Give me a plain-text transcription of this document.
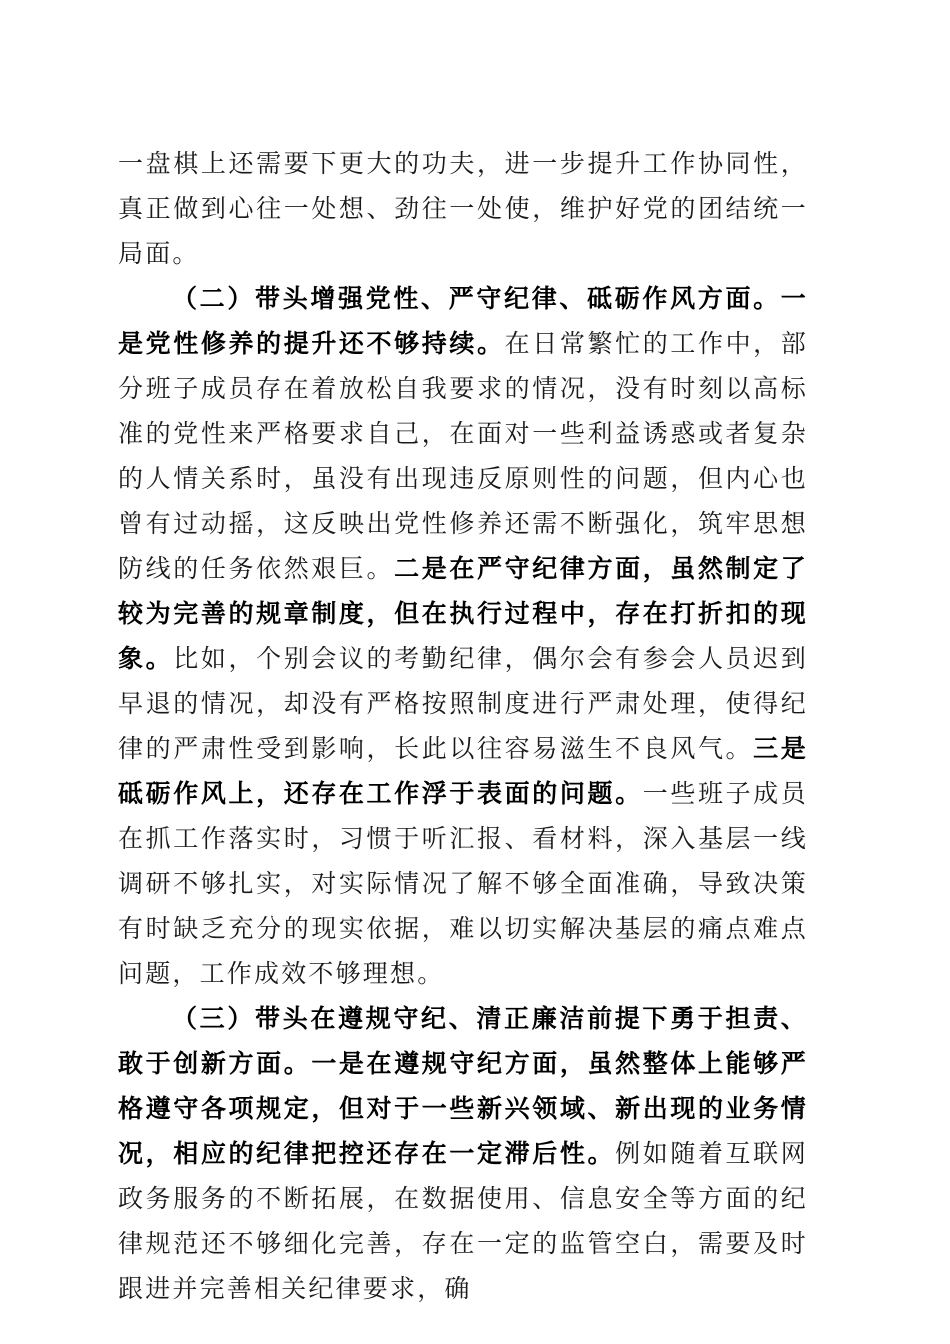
一盘棋上还需要下更大的功夫，进一步提升工作协同性，真正做到心往一处想、劲往一处使，维护好党的团结统一局面。

（二）带头增强党性、严守纪律、砥砺作风方面。一是党性修养的提升还不够持续。在日常繁忙的工作中，部分班子成员存在着放松自我要求的情况，没有时刻以高标准的党性来严格要求自己，在面对一些利益诱惑或者复杂的人情关系时，虽没有出现违反原则性的问题，但内心也曾有过动摇，这反映出党性修养还需不断强化，筑牢思想防线的任务依然艰巨。二是在严守纪律方面，虽然制定了较为完善的规章制度，但在执行过程中，存在打折扣的现象。比如，个别会议的考勤纪律，偶尔会有参会人员迟到早退的情况，却没有严格按照制度进行严肃处理，使得纪律的严肃性受到影响，长此以往容易滋生不良风气。三是砥砺作风上，还存在工作浮于表面的问题。一些班子成员在抓工作落实时，习惯于听汇报、看材料，深入基层一线调研不够扎实，对实际情况了解不够全面准确，导致决策有时缺乏充分的现实依据，难以切实解决基层的痛点难点问题，工作成效不够理想。

（三）带头在遵规守纪、清正廉洁前提下勇于担责、敢于创新方面。一是在遵规守纪方面，虽然整体上能够严格遵守各项规定，但对于一些新兴领域、新出现的业务情况，相应的纪律把控还存在一定滞后性。例如随着互联网政务服务的不断拓展，在数据使用、信息安全等方面的纪律规范还不够细化完善，存在一定的监管空白，需要及时跟进并完善相关纪律要求，确
